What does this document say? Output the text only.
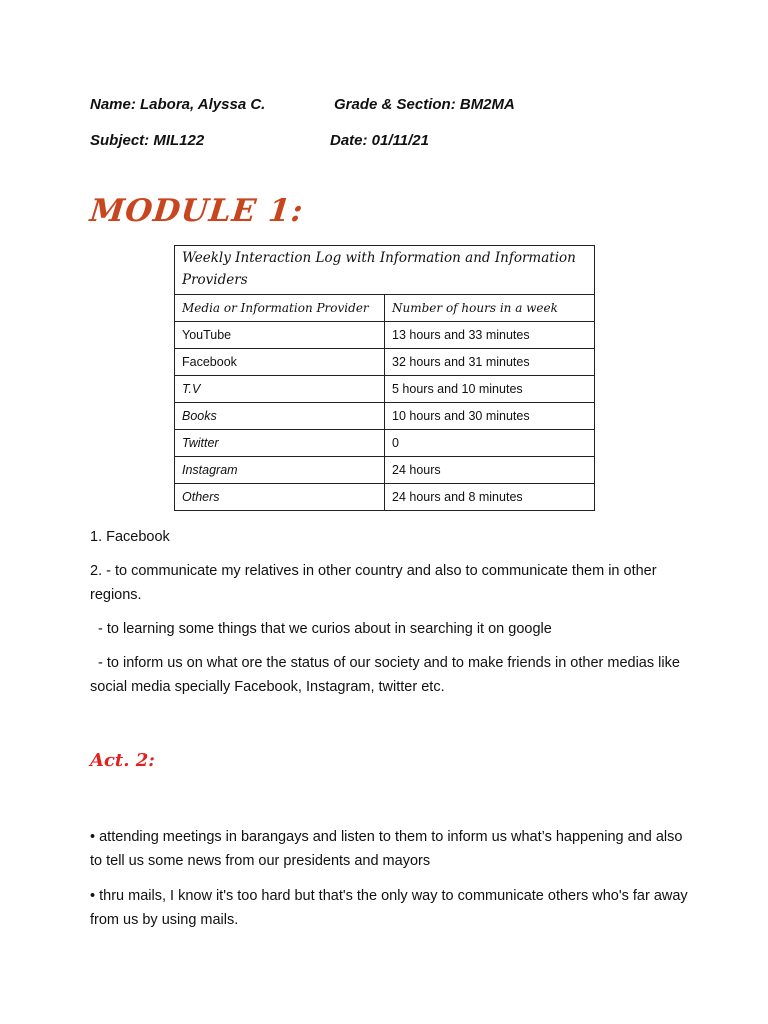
Name: Labora, Alyssa C.	Grade & Section: BM2MA
Subject: MIL122	Date: 01/11/21
MODULE 1:
Weekly Interaction Log with Information and Information Providers	
Media or Information Provider	Number of hours in a week
YouTube	13 hours and 33 minutes
Facebook	32 hours and 31 minutes
T.V	5 hours and 10 minutes
Books	10 hours and 30 minutes
Twitter	0
Instagram	24 hours
Others	24 hours and 8 minutes
1. Facebook
2. - to communicate my relatives in other country and also to communicate them in other regions.
- to learning some things that we curios about in searching it on google
- to inform us on what ore the status of our society and to make friends in other medias like social media specially Facebook, Instagram, twitter etc.
Act. 2:
• attending meetings in barangays and listen to them to inform us what’s happening and also to tell us some news from our presidents and mayors
• thru mails, I know it's too hard but that's the only way to communicate others who's far away from us by using mails.
